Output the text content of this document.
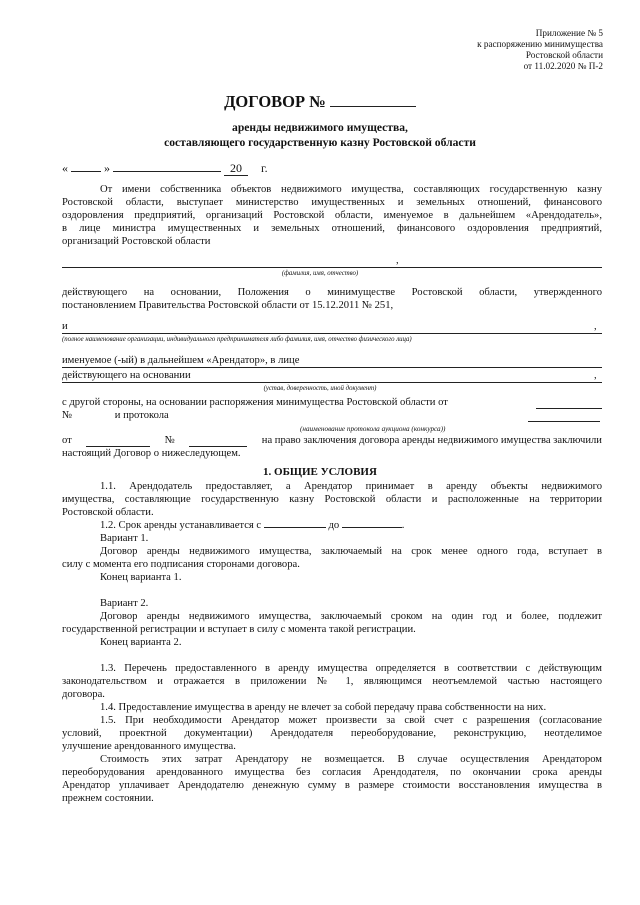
Приложение № 5
к распоряжению минимущества
Ростовской области
от 11.02.2020 № П-2
ДОГОВОР №
аренды недвижимого имущества,
составляющего государственную казну Ростовской области
«	»	20 г.

От имени собственника объектов недвижимого имущества, составляющих государственную казну

Ростовской области, выступает министерство имущественных и земельных отношений, финансового

оздоровления предприятий, организаций Ростовской области, именуемое в дальнейшем «Арендодатель»,

в лице министра имущественных и земельных отношений, финансового оздоровления предприятий,

организаций Ростовской области

,
(фамилия, имя, отчество)

действующего на основании, Положения о минимуществе Ростовской области, утвержденного

постановлением Правительства Ростовской области от 15.12.2011 № 251,

и	,
(полное наименование организации, индивидуального предпринимателя либо фамилия, имя, отчество физического лица)
именуемое (-ый) в дальнейшем «Арендатор», в лице
действующего на основании	,
(устав, доверенность, иной документ)
с другой стороны, на основании распоряжения минимущества Ростовской области от
№	и протокола
(наименование протокола аукциона (конкурса))
от	№	на право заключения договора аренды недвижимого имущества заключили
настоящий Договор о нижеследующем.
1. ОБЩИЕ УСЛОВИЯ

1.1. Арендодатель предоставляет, а Арендатор принимает в аренду объекты недвижимого

имущества, составляющие государственную казну Ростовской области и расположенные на территории

Ростовской области.

1.2. Срок аренды устанавливается с	до	.

Вариант 1.

Договор аренды недвижимого имущества, заключаемый на срок менее одного года, вступает в

силу с момента его подписания сторонами договора.

Конец варианта 1.

Вариант 2.

Договор аренды недвижимого имущества, заключаемый сроком на один год и более, подлежит

государственной регистрации и вступает в силу с момента такой регистрации.

Конец варианта 2.

1.3. Перечень предоставленного в аренду имущества определяется в соответствии с действующим

законодательством и отражается в приложении № 1, являющимся неотъемлемой частью настоящего

договора.

1.4. Предоставление имущества в аренду не влечет за собой передачу права собственности на них.

1.5. При необходимости Арендатор может произвести за свой счет с разрешения (согласование

условий, проектной документации) Арендодателя переоборудование, реконструкцию, неотделимое

улучшение арендованного имущества.

Стоимость этих затрат Арендатору не возмещается. В случае осуществления Арендатором

переоборудования арендованного имущества без согласия Арендодателя, по окончании срока аренды

Арендатор уплачивает Арендодателю денежную сумму в размере стоимости восстановления имущества в

прежнем состоянии.
